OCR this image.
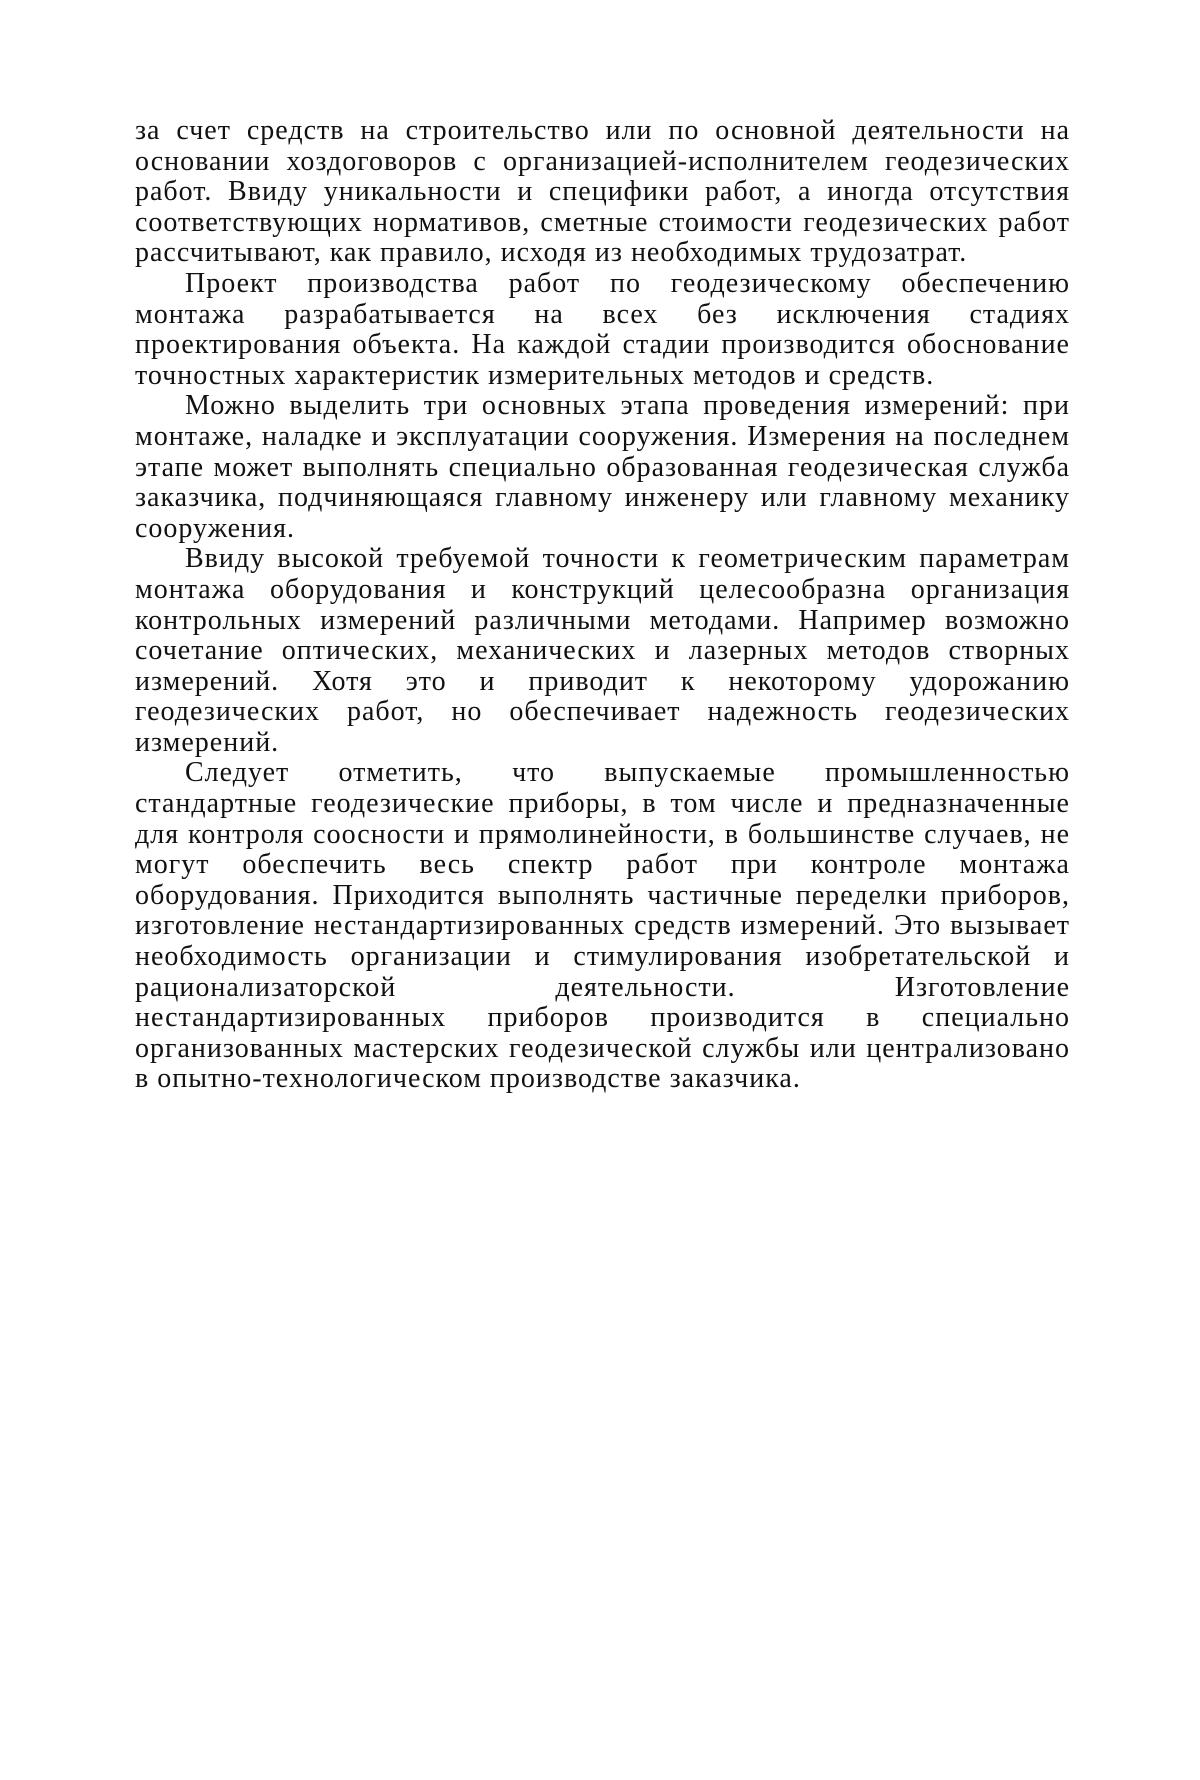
за счет средств на строительство или по основной деятельности на основании хоздоговоров с организацией-исполнителем геодезических работ. Ввиду уникальности и специфики работ, а иногда отсутствия соответствующих нормативов, сметные стоимости геодезических работ рассчитывают, как правило, исходя из необходимых трудозатрат.

Проект производства работ по геодезическому обеспечению монтажа разрабатывается на всех без исключения стадиях проектирования объекта. На каждой стадии производится обоснование точностных характеристик измерительных методов и средств.

Можно выделить три основных этапа проведения измерений: при монтаже, наладке и эксплуатации сооружения. Измерения на последнем этапе может выполнять специально образованная геодезическая служба заказчика, подчиняющаяся главному инженеру или главному механику сооружения.

Ввиду высокой требуемой точности к геометрическим параметрам монтажа оборудования и конструкций целесообразна организация контрольных измерений различными методами. Например возможно сочетание оптических, механических и лазерных методов створных измерений. Хотя это и приводит к некоторому удорожанию геодезических работ, но обеспечивает надежность геодезических измерений.

Следует отметить, что выпускаемые промышленностью стандартные геодезические приборы, в том числе и предназначенные для контроля соосности и прямолинейности, в большинстве случаев, не могут обеспечить весь спектр работ при контроле монтажа оборудования. Приходится выполнять частичные переделки приборов, изготовление нестандартизированных средств измерений. Это вызывает необходимость организации и стимулирования изобретательской и рационализаторской деятельности. Изготовление нестандартизированных приборов производится в специально организованных мастерских геодезической службы или централизовано в опытно-технологическом производстве заказчика.
